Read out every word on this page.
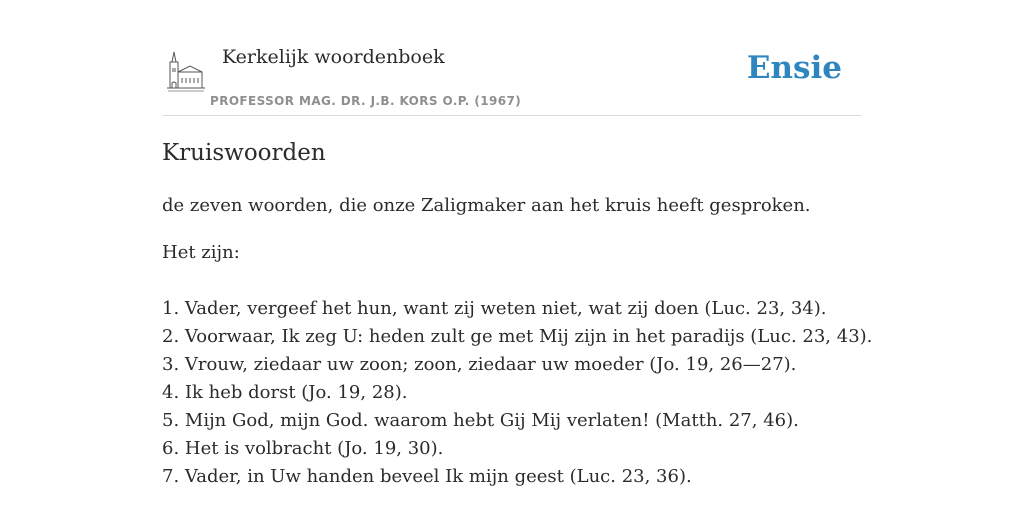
Kerkelijk woordenboek
PROFESSOR MAG. DR. J.B. KORS O.P. (1967)
Ensie
Kruiswoorden

de zeven woorden, die onze Zaligmaker aan het kruis heeft gesproken.

Het zijn:

1. Vader, vergeef het hun, want zij weten niet, wat zij doen (Luc. 23, 34).
2. Voorwaar, Ik zeg U: heden zult ge met Mij zijn in het paradijs (Luc. 23, 43).
3. Vrouw, ziedaar uw zoon; zoon, ziedaar uw moeder (Jo. 19, 26—27).
4. Ik heb dorst (Jo. 19, 28).
5. Mijn God, mijn God. waarom hebt Gij Mij verlaten! (Matth. 27, 46).
6. Het is volbracht (Jo. 19, 30).
7. Vader, in Uw handen beveel Ik mijn geest (Luc. 23, 36).
